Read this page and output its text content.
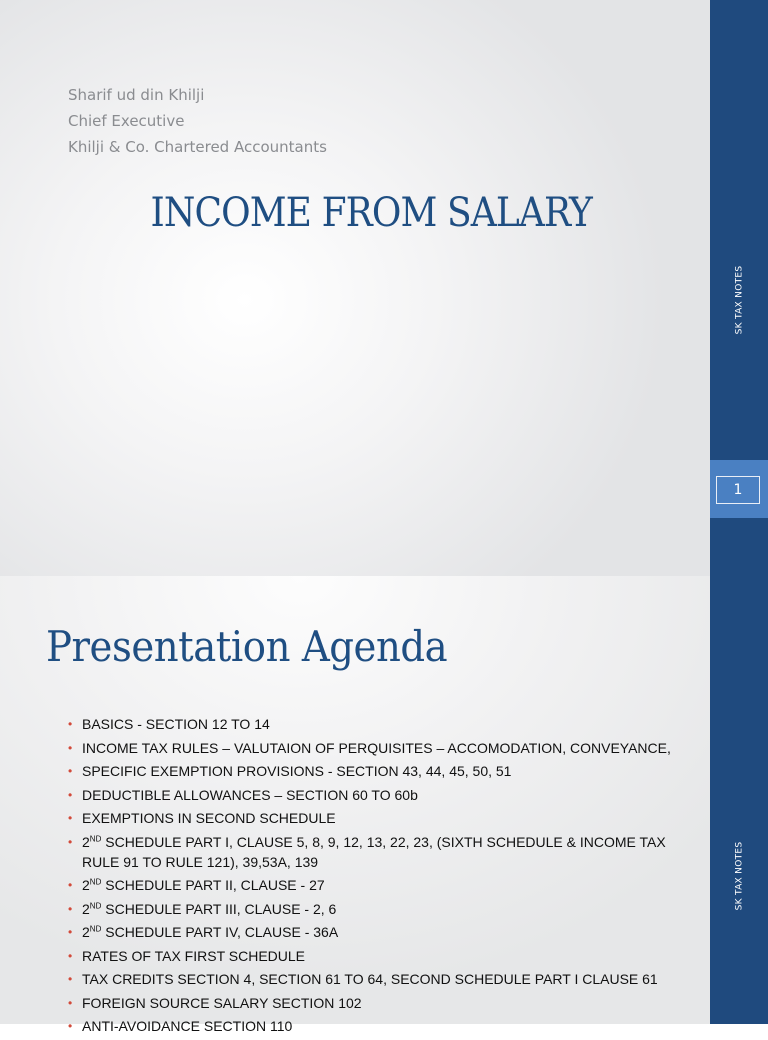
Sharif ud din Khilji
Chief Executive
Khilji & Co. Chartered Accountants
INCOME FROM SALARY
SK TAX NOTES
1
Presentation Agenda
• BASICS - SECTION 12 TO 14
• INCOME TAX RULES – VALUTAION OF PERQUISITES – ACCOMODATION, CONVEYANCE,
• SPECIFIC EXEMPTION PROVISIONS - SECTION 43, 44, 45, 50, 51
• DEDUCTIBLE ALLOWANCES – SECTION 60 TO 60b
• EXEMPTIONS IN SECOND SCHEDULE
• 2ND SCHEDULE PART I, CLAUSE 5, 8, 9, 12, 13, 22, 23, (SIXTH SCHEDULE & INCOME TAX RULE 91 TO RULE 121), 39,53A, 139
• 2ND SCHEDULE PART II, CLAUSE - 27
• 2ND SCHEDULE PART III, CLAUSE - 2, 6
• 2ND SCHEDULE PART IV, CLAUSE - 36A
• RATES OF TAX FIRST SCHEDULE
• TAX CREDITS SECTION 4, SECTION 61 TO 64, SECOND SCHEDULE PART I CLAUSE 61
• FOREIGN SOURCE SALARY SECTION 102
• ANTI-AVOIDANCE SECTION 110
SK TAX NOTES
